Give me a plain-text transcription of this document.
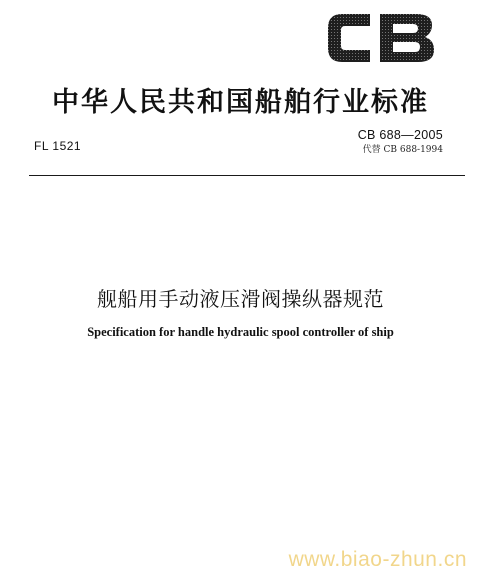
中华人民共和国船舶行业标准
FL 1521
CB 688—2005
代替 CB 688-1994
舰船用手动液压滑阀操纵器规范
Specification for handle hydraulic spool controller of ship
www.biao-zhun.cn
